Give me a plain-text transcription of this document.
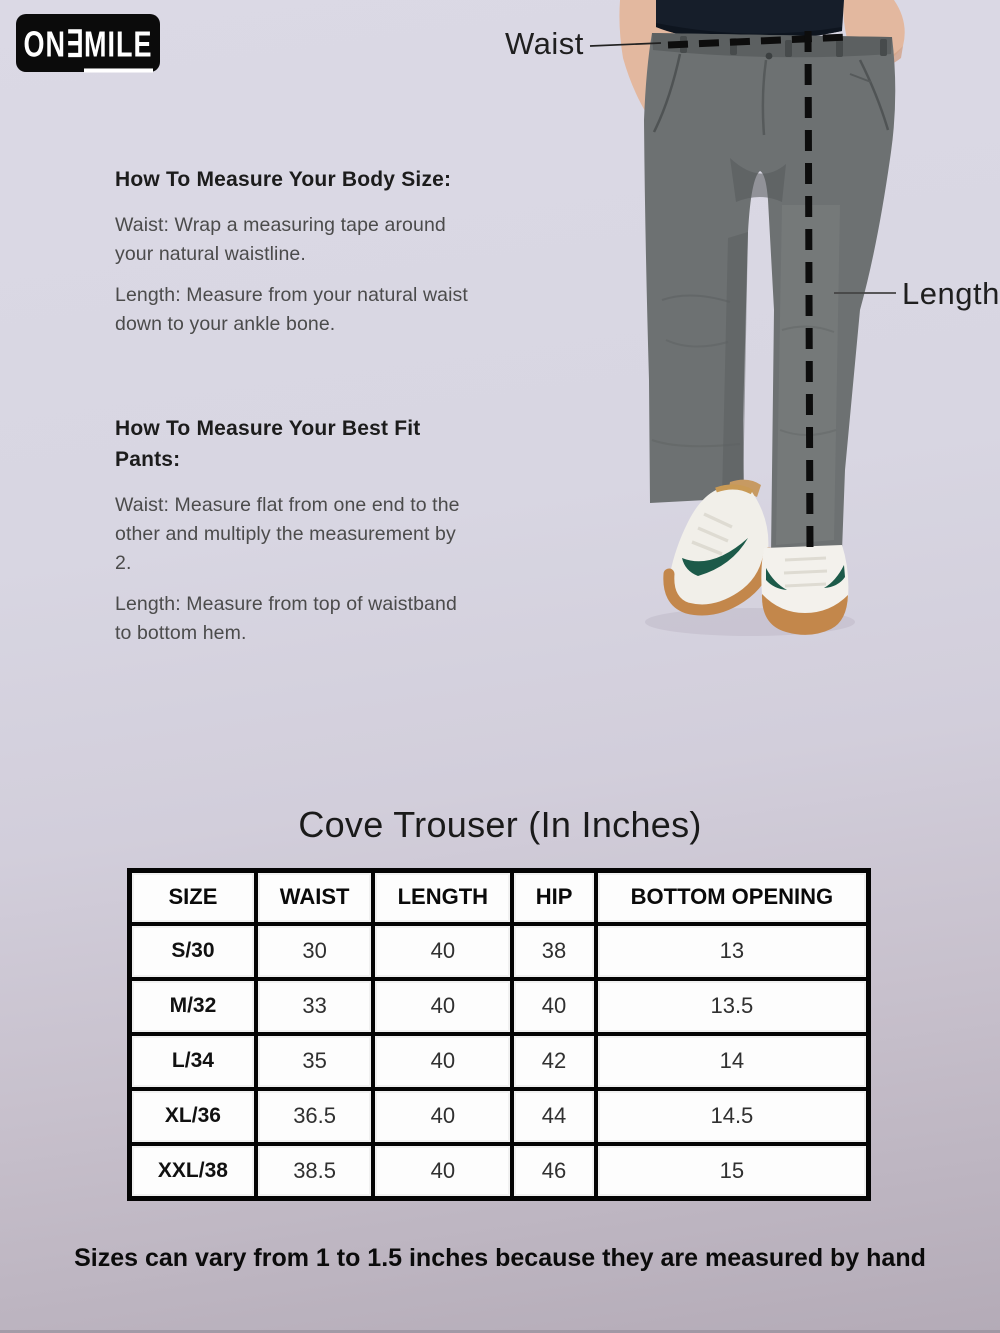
ON∃MILE
How To Measure Your Body Size:

Waist: Wrap a measuring tape around your natural waistline.

Length: Measure from your natural waist down to your ankle bone.

How To Measure Your Best Fit Pants:

Waist: Measure flat from one end to the other and multiply the measurement by 2.

Length: Measure from top of waistband to bottom hem.

Waist
Length
Cove Trouser (In Inches)
SIZE	WAIST	LENGTH	HIP	BOTTOM OPENING
S/30	30	40	38	13
M/32	33	40	40	13.5
L/34	35	40	42	14
XL/36	36.5	40	44	14.5
XXL/38	38.5	40	46	15
Sizes can vary from 1 to 1.5 inches because they are measured by hand
